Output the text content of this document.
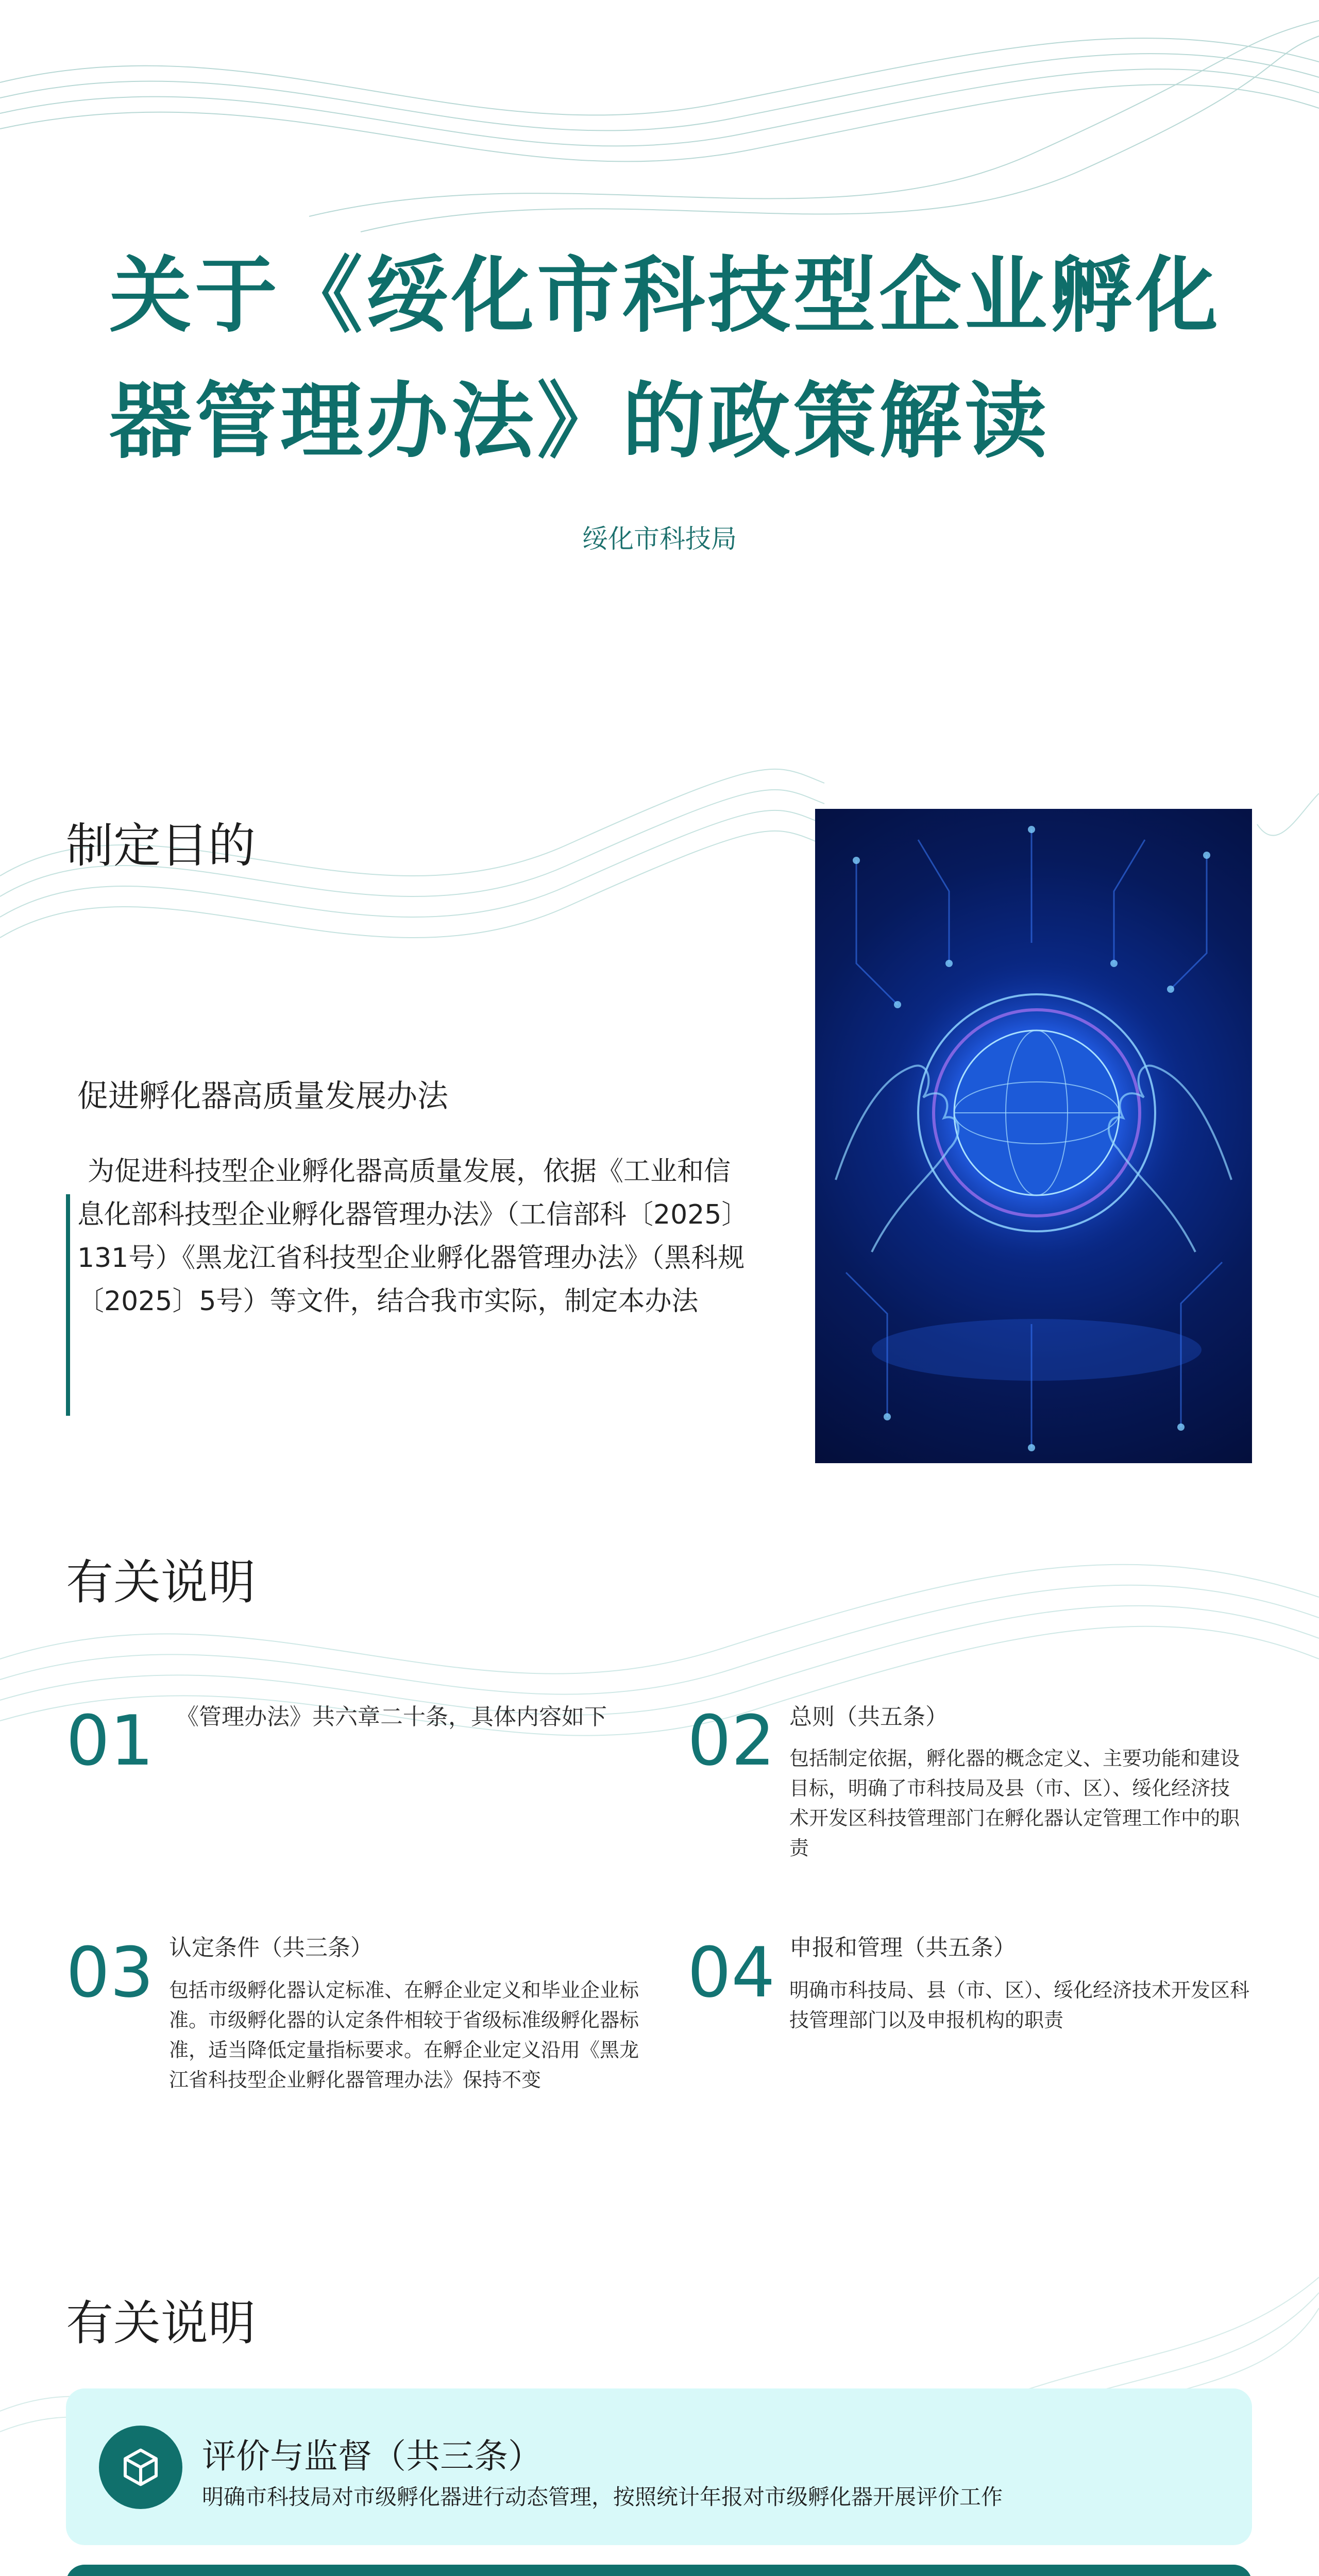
关于《绥化市科技型企业孵化
器管理办法》的政策解读
绥化市科技局
制定目的
促进孵化器高质量发展办法
为促进科技型企业孵化器高质量发展，依据《工业和信息化部科技型企业孵化器管理办法》（工信部科〔2025〕131号）《黑龙江省科技型企业孵化器管理办法》（黑科规〔2025〕5号）等文件，结合我市实际，制定本办法
有关说明
01 《管理办法》共六章二十条，具体内容如下	02 总则（共五条）
包括制定依据，孵化器的概念定义、主要功能和建设目标，明确了市科技局及县（市、区）、绥化经济技术开发区科技管理部门在孵化器认定管理工作中的职责
03 认定条件（共三条）
包括市级孵化器认定标准、在孵企业定义和毕业企业标准。市级孵化器的认定条件相较于省级标准级孵化器标准，适当降低定量指标要求。在孵企业定义沿用《黑龙江省科技型企业孵化器管理办法》保持不变
04 申报和管理（共五条）
明确市科技局、县（市、区）、绥化经济技术开发区科技管理部门以及申报机构的职责
有关说明
评价与监督（共三条）
明确市科技局对市级孵化器进行动态管理，按照统计年报对市级孵化器开展评价工作
